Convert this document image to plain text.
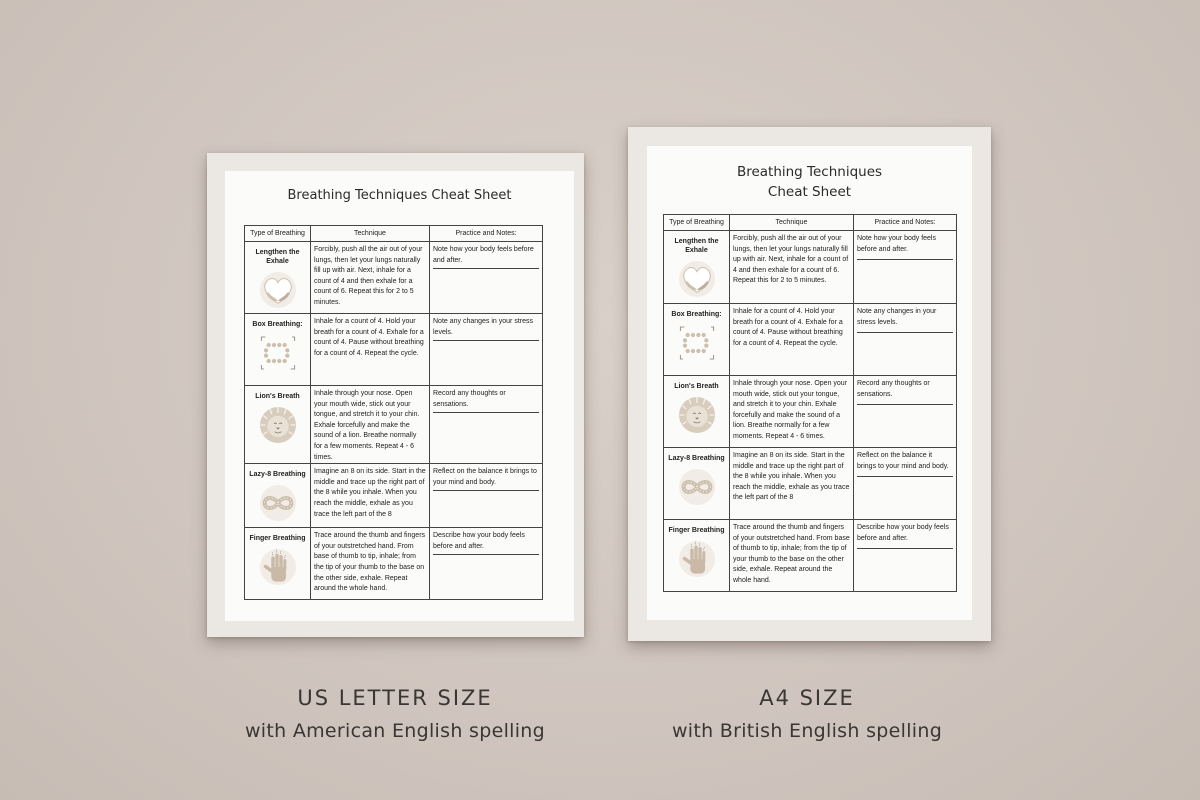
Breathing Techniques Cheat Sheet
Type of Breathing	Technique	Practice and Notes:

Lengthen the Exhale	Forcibly, push all the air out of your lungs, then let your lungs naturally fill up with air. Next, inhale for a count of 4 and then exhale for a count of 6. Repeat this for 2 to 5 minutes.	Note how your body feels before and after.

Box Breathing:	Inhale for a count of 4. Hold your breath for a count of 4. Exhale for a count of 4. Pause without breathing for a count of 4. Repeat the cycle.	Note any changes in your stress levels.

Lion's Breath	Inhale through your nose. Open your mouth wide, stick out your tongue, and stretch it to your chin. Exhale forcefully and make the sound of a lion. Breathe normally for a few moments. Repeat 4 - 6 times.	Record any thoughts or sensations.

Lazy-8 Breathing	Imagine an 8 on its side. Start in the middle and trace up the right part of the 8 while you inhale. When you reach the middle, exhale as you trace the left part of the 8	Reflect on the balance it brings to your mind and body.

Finger Breathing	Trace around the thumb and fingers of your outstretched hand. From base of thumb to tip, inhale; from the tip of your thumb to the base on the other side, exhale. Repeat around the whole hand.	Describe how your body feels before and after.
Breathing Techniques
Cheat Sheet
Type of Breathing	Technique	Practice and Notes:

Lengthen the Exhale	Forcibly, push all the air out of your lungs, then let your lungs naturally fill up with air. Next, inhale for a count of 4 and then exhale for a count of 6. Repeat this for 2 to 5 minutes.	Note how your body feels before and after.

Box Breathing:	Inhale for a count of 4. Hold your breath for a count of 4. Exhale for a count of 4. Pause without breathing for a count of 4. Repeat the cycle.	Note any changes in your stress levels.

Lion's Breath	Inhale through your nose. Open your mouth wide, stick out your tongue, and stretch it to your chin. Exhale forcefully and make the sound of a lion. Breathe normally for a few moments. Repeat 4 - 6 times.	Record any thoughts or sensations.

Lazy-8 Breathing	Imagine an 8 on its side. Start in the middle and trace up the right part of the 8 while you inhale. When you reach the middle, exhale as you trace the left part of the 8	Reflect on the balance it brings to your mind and body.

Finger Breathing	Trace around the thumb and fingers of your outstretched hand. From base of thumb to tip, inhale; from the tip of your thumb to the base on the other side, exhale. Repeat around the whole hand.	Describe how your body feels before and after.
US LETTER SIZE
with American English spelling
A4 SIZE
with British English spelling
